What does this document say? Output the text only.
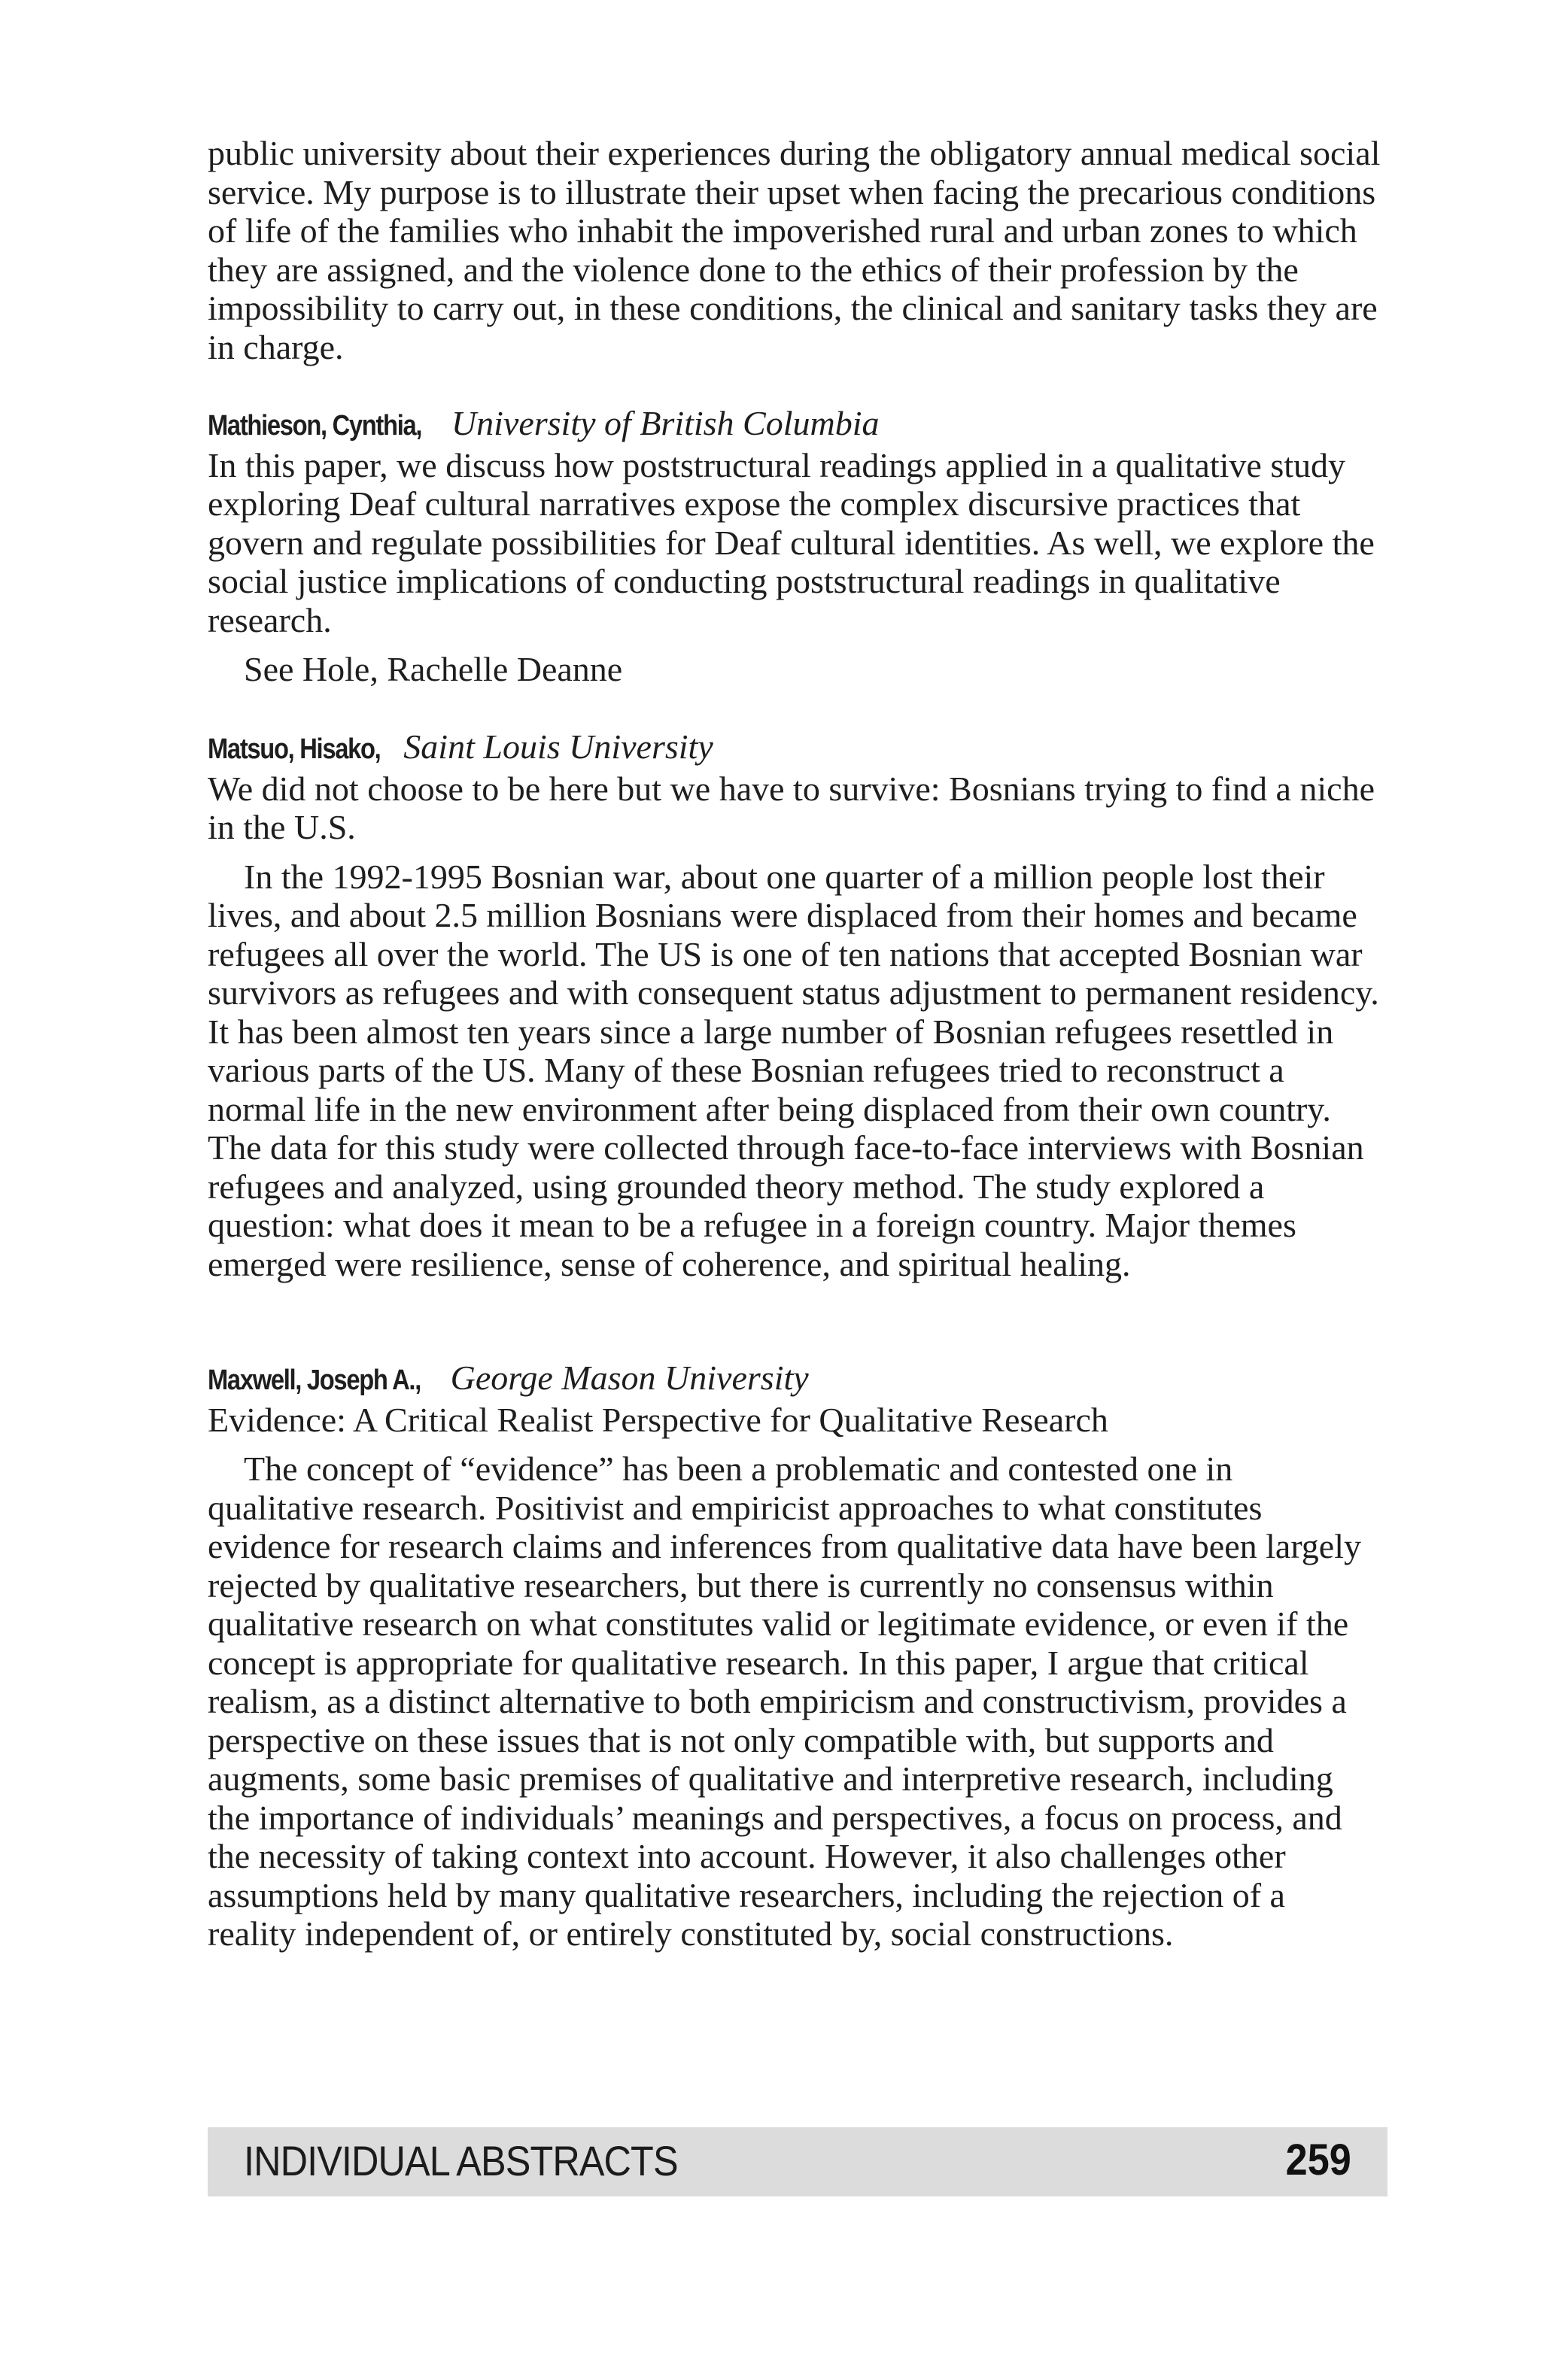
public university about their experiences during the obligatory annual medical social service. My purpose is to illustrate their upset when facing the precarious conditions of life of the families who inhabit the impoverished rural and urban zones to which they are assigned, and the violence done to the ethics of their profession by the impossibility to carry out, in these conditions, the clinical and sanitary tasks they are in charge.

Mathieson, Cynthia, University of British Columbia

In this paper, we discuss how poststructural readings applied in a qualitative study exploring Deaf cultural narratives expose the complex discursive practices that govern and regulate possibilities for Deaf cultural identities. As well, we explore the social justice implications of conducting poststructural readings in qualitative research.

See Hole, Rachelle Deanne

Matsuo, Hisako, Saint Louis University

We did not choose to be here but we have to survive: Bosnians trying to find a niche in the U.S.

In the 1992-1995 Bosnian war, about one quarter of a million people lost their lives, and about 2.5 million Bosnians were displaced from their homes and became refugees all over the world. The US is one of ten nations that accepted Bosnian war survivors as refugees and with consequent status adjustment to permanent residency. It has been almost ten years since a large number of Bosnian refugees resettled in various parts of the US. Many of these Bosnian refugees tried to reconstruct a normal life in the new environment after being displaced from their own country. The data for this study were collected through face-to-face interviews with Bosnian refugees and analyzed, using grounded theory method. The study explored a question: what does it mean to be a refugee in a foreign country. Major themes emerged were resilience, sense of coherence, and spiritual healing.

Maxwell, Joseph A., George Mason University

Evidence: A Critical Realist Perspective for Qualitative Research

The concept of “evidence” has been a problematic and contested one in qualitative research. Positivist and empiricist approaches to what constitutes evidence for research claims and inferences from qualitative data have been largely rejected by qualitative researchers, but there is currently no consensus within qualitative research on what constitutes valid or legitimate evidence, or even if the concept is appropriate for qualitative research. In this paper, I argue that critical realism, as a distinct alternative to both empiricism and constructivism, provides a perspective on these issues that is not only compatible with, but supports and augments, some basic premises of qualitative and interpretive research, including the importance of individuals’ meanings and perspectives, a focus on process, and the necessity of taking context into account. However, it also challenges other assumptions held by many qualitative researchers, including the rejection of a reality independent of, or entirely constituted by, social constructions.

INDIVIDUAL ABSTRACTS	259
